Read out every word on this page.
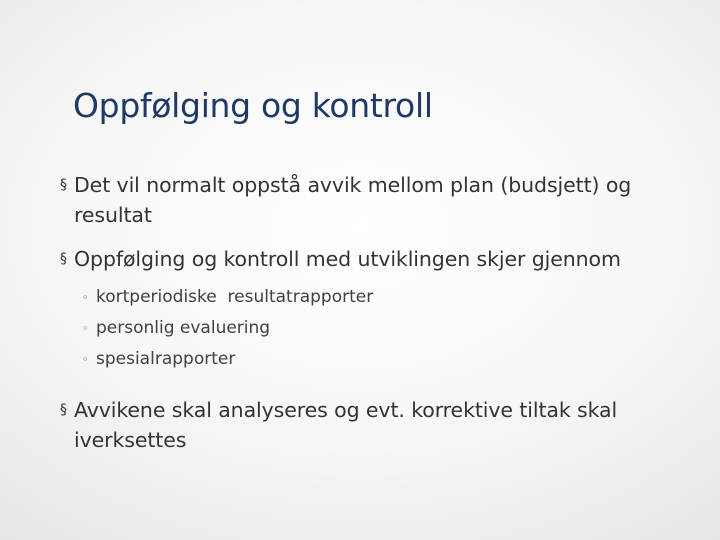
Oppfølging og kontroll
§ Det vil normalt oppstå avvik mellom plan (budsjett) og resultat
§ Oppfølging og kontroll med utviklingen skjer gjennom
◦ kortperiodiske  resultatrapporter
◦ personlig evaluering
◦ spesialrapporter
§ Avvikene skal analyseres og evt. korrektive tiltak skal iverksettes
